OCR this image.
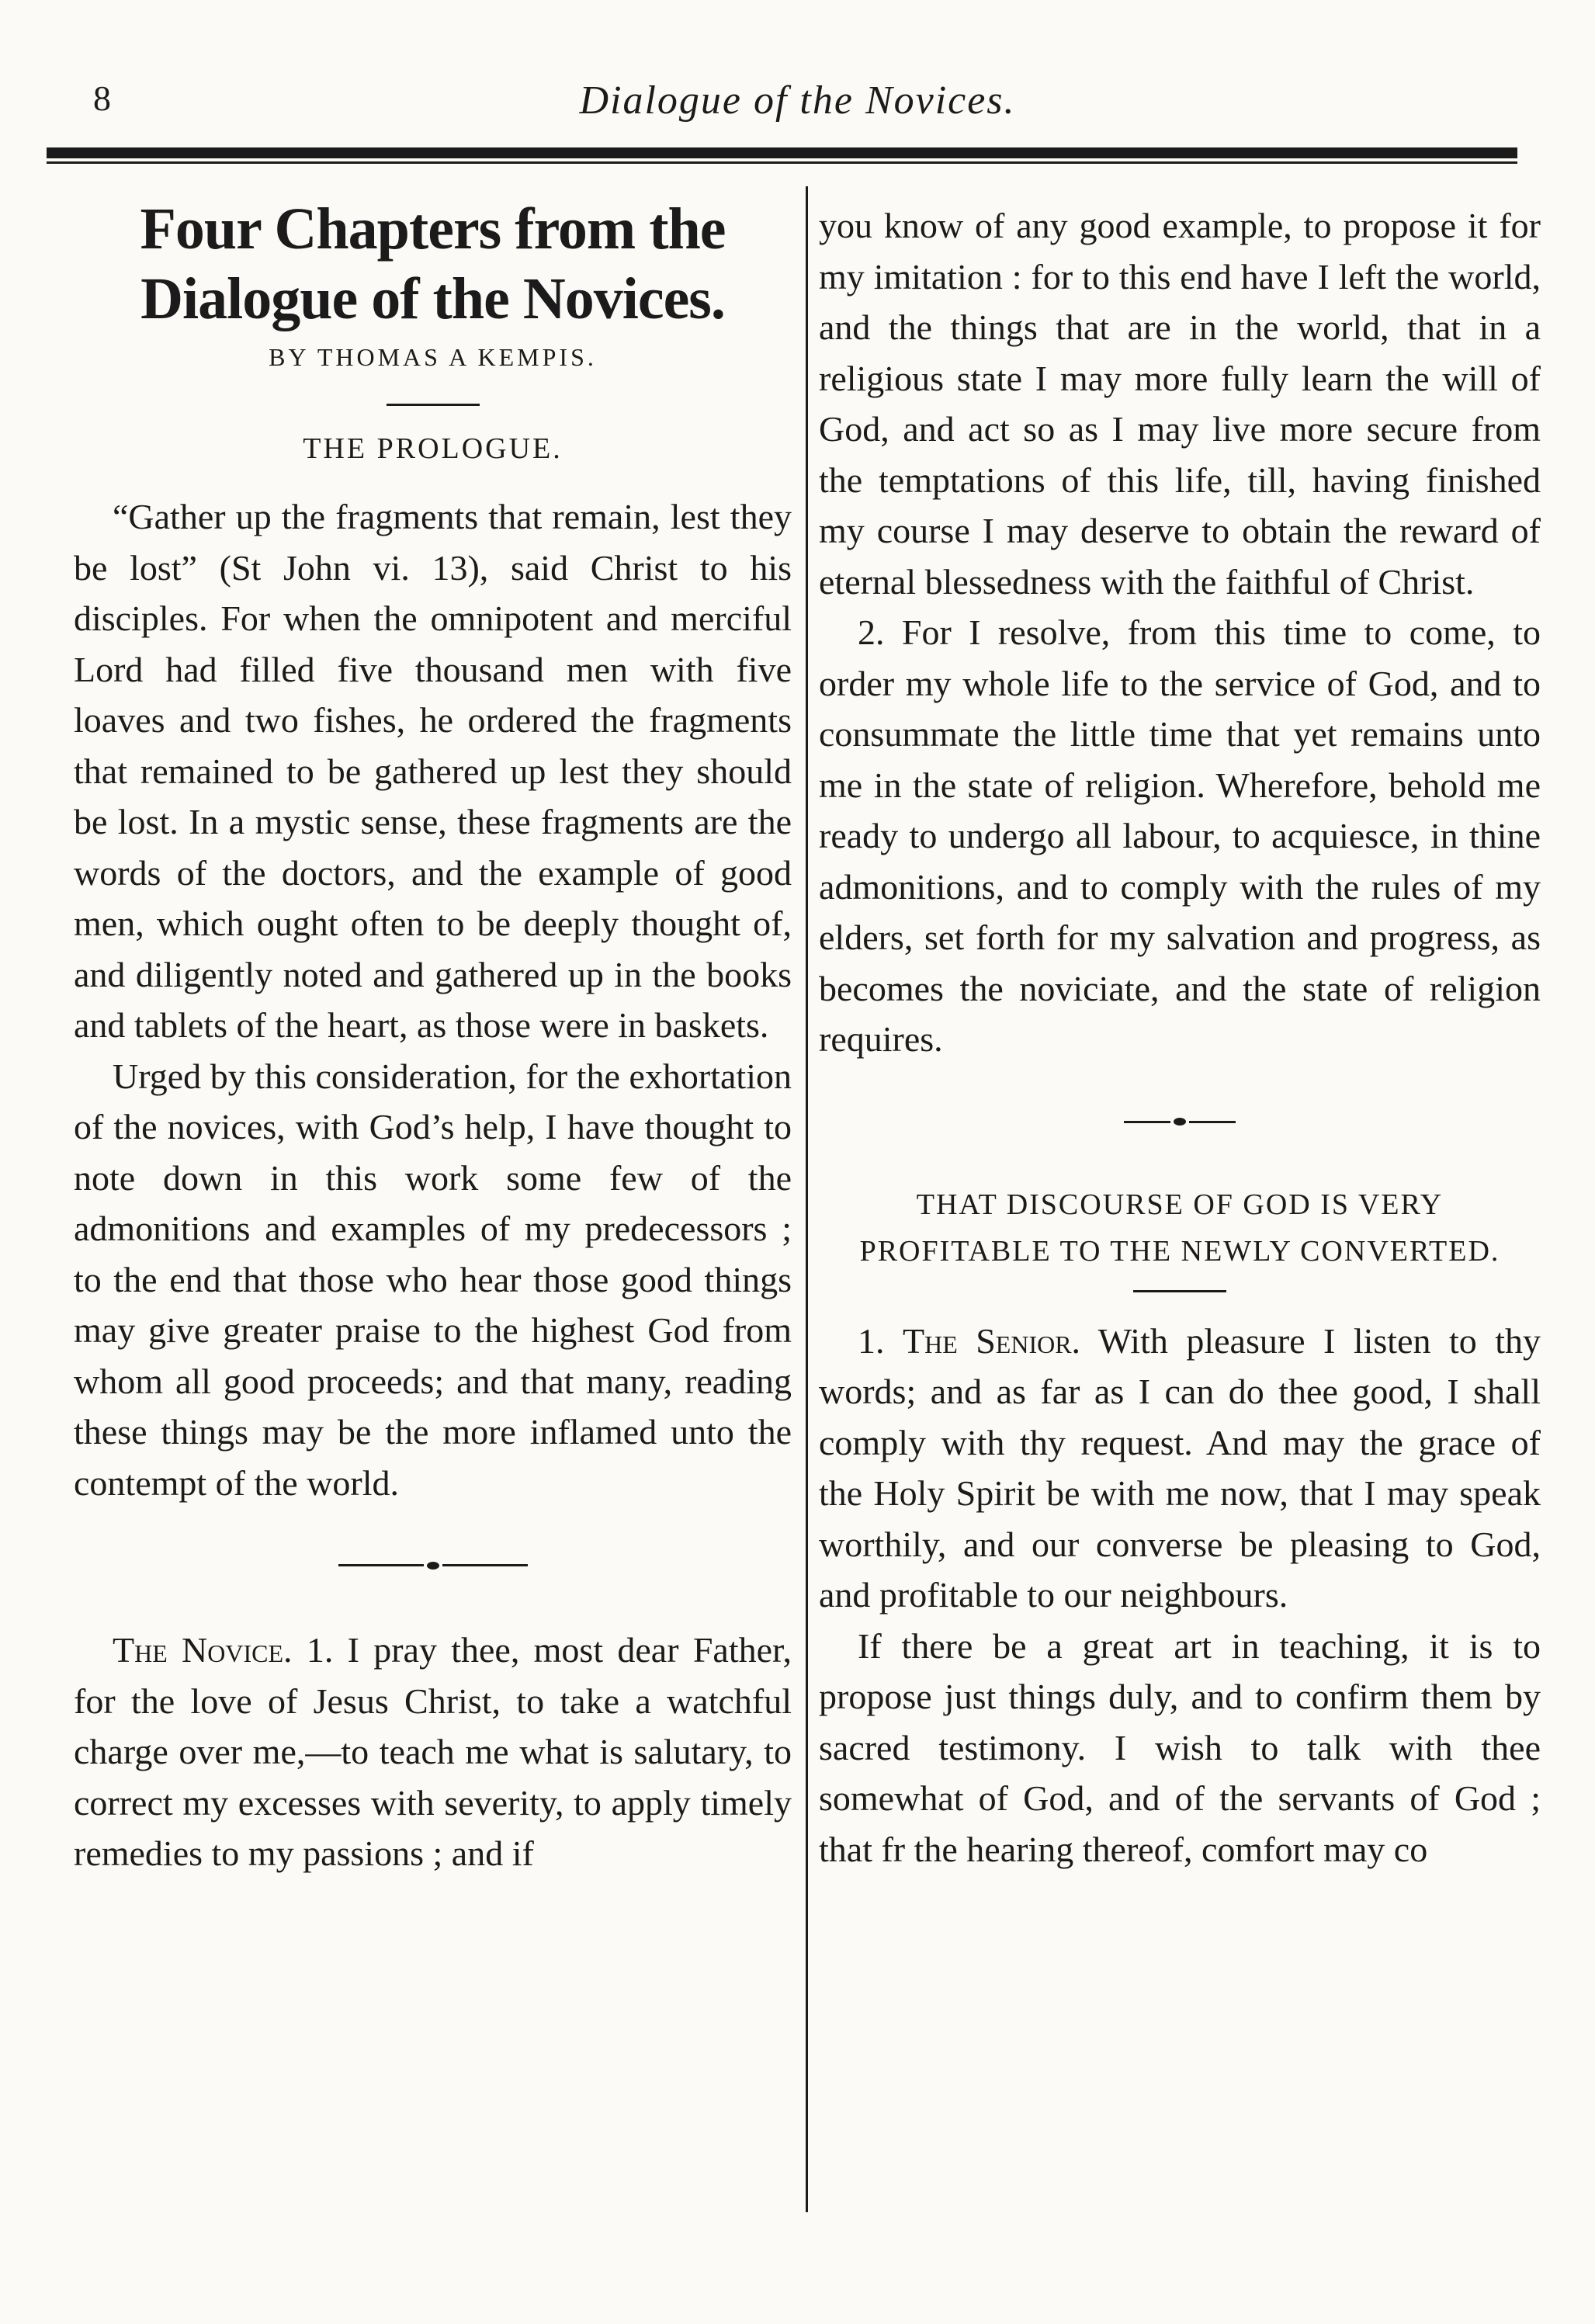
8	Dialogue of the Novices.
Four Chapters from the Dialogue of the Novices.
BY THOMAS A KEMPIS.
THE PROLOGUE.

“Gather up the fragments that remain, lest they be lost” (St John vi. 13), said Christ to his disciples. For when the omnipotent and merciful Lord had filled five thousand men with five loaves and two fishes, he ordered the fragments that remained to be gathered up lest they should be lost. In a mystic sense, these fragments are the words of the doctors, and the example of good men, which ought often to be deeply thought of, and diligently noted and gathered up in the books and tablets of the heart, as those were in baskets.

Urged by this consideration, for the exhortation of the novices, with God’s help, I have thought to note down in this work some few of the admonitions and examples of my predecessors ; to the end that those who hear those good things may give greater praise to the highest God from whom all good proceeds; and that many, reading these things may be the more inflamed unto the contempt of the world.

The Novice. 1. I pray thee, most dear Father, for the love of Jesus Christ, to take a watchful charge over me,—to teach me what is salutary, to correct my excesses with severity, to apply timely remedies to my passions ; and if

you know of any good example, to propose it for my imitation : for to this end have I left the world, and the things that are in the world, that in a religious state I may more fully learn the will of God, and act so as I may live more secure from the temptations of this life, till, having finished my course I may deserve to obtain the reward of eternal blessedness with the faithful of Christ.

2. For I resolve, from this time to come, to order my whole life to the service of God, and to consummate the little time that yet remains unto me in the state of religion. Wherefore, behold me ready to undergo all labour, to acquiesce, in thine admonitions, and to comply with the rules of my elders, set forth for my salvation and progress, as becomes the noviciate, and the state of religion requires.

THAT DISCOURSE OF GOD IS VERY PROFITABLE TO THE NEWLY CONVERTED.

1. The Senior. With pleasure I listen to thy words; and as far as I can do thee good, I shall comply with thy request. And may the grace of the Holy Spirit be with me now, that I may speak worthily, and our converse be pleasing to God, and profitable to our neighbours.

If there be a great art in teaching, it is to propose just things duly, and to confirm them by sacred testimony. I wish to talk with thee somewhat of God, and of the servants of God ; that fr the hearing thereof, comfort may co
